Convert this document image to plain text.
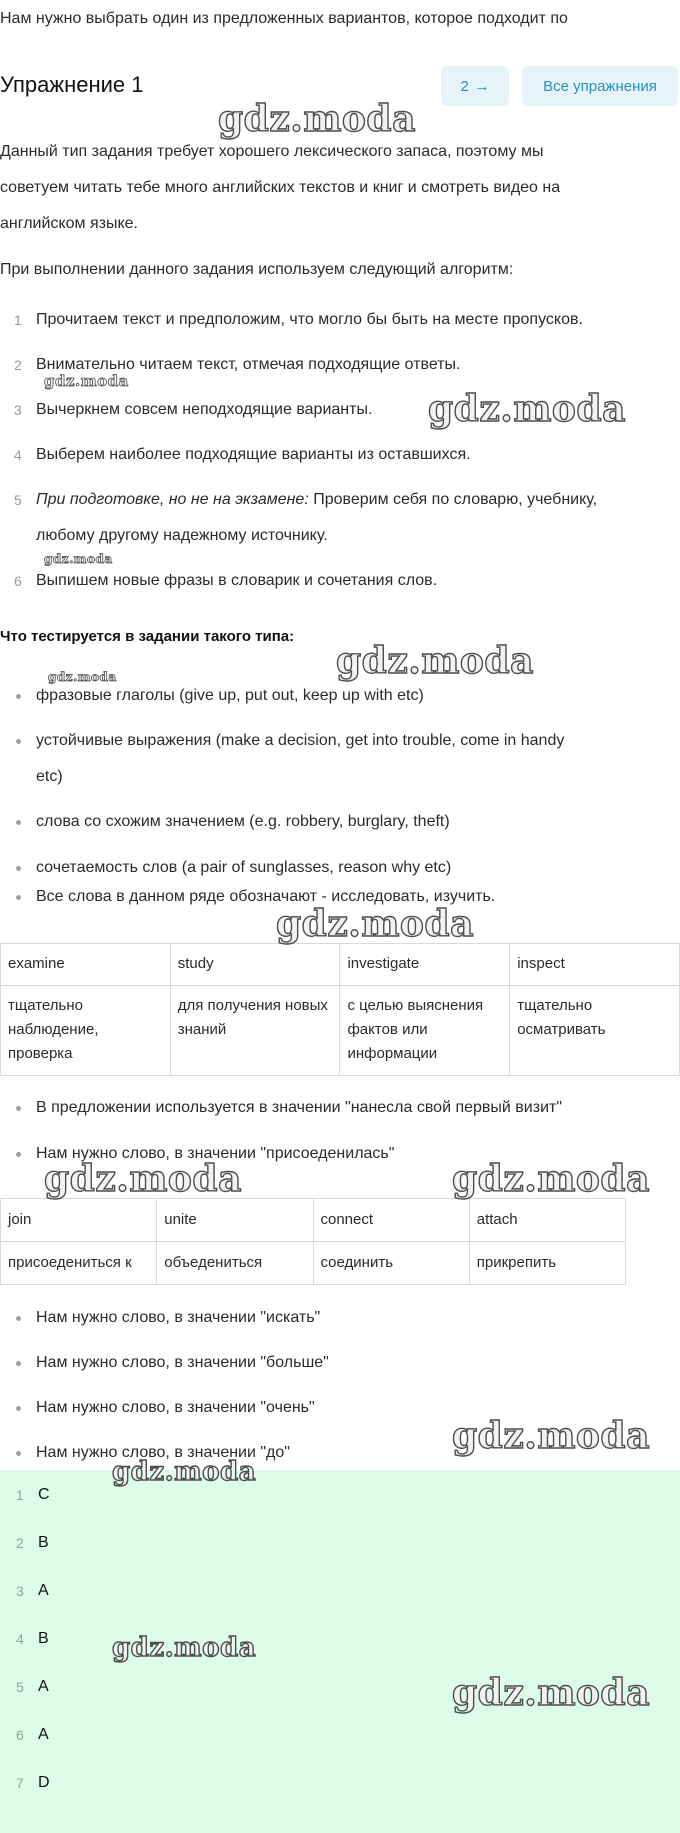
Нам нужно выбрать один из предложенных вариантов, которое подходит по
Упражнение 1	2 →	Все упражнения

Данный тип задания требует хорошего лексического запаса, поэтому мы

советуем читать тебе много английских текстов и книг и смотреть видео на

английском языке.

При выполнении данного задания используем следующий алгоритм:

1 Прочитаем текст и предположим, что могло бы быть на месте пропусков.
2 Внимательно читаем текст, отмечая подходящие ответы.
3 Вычеркнем совсем неподходящие варианты.
4 Выберем наиболее подходящие варианты из оставшихся.
5 При подготовке, но не на экзамене: Проверим себя по словарю, учебнику,
любому другому надежному источнику.
6 Выпишем новые фразы в словарик и сочетания слов.
Что тестируется в задании такого типа:
фразовые глаголы (give up, put out, keep up with etc)
устойчивые выражения (make a decision, get into trouble, come in handy
etc)
слова со схожим значением (e.g. robbery, burglary, theft)
сочетаемость слов (a pair of sunglasses, reason why etc)
Все слова в данном ряде обозначают - исследовать, изучить.
examine	study	investigate	inspect
тщательно наблюдение, проверка	для получения новых знаний	с целью выяснения фактов или информации	тщательно осматривать
В предложении используется в значении "нанесла свой первый визит"
Нам нужно слово, в значении "присоеденилась"
join	unite	connect	attach
присоедениться к	объедениться	соединить	прикрепить
Нам нужно слово, в значении "искать"
Нам нужно слово, в значении "больше"
Нам нужно слово, в значении "очень"
Нам нужно слово, в значении "до"
1 C
2 B
3 A
4 B
5 A
6 A
7 D
gdz.moda
gdz.moda
gdz.moda
gdz.moda
gdz.moda	gdz.moda
gdz.moda
gdz.moda	gdz.moda
gdz.moda
gdz.moda
gdz.moda
gdz.moda
